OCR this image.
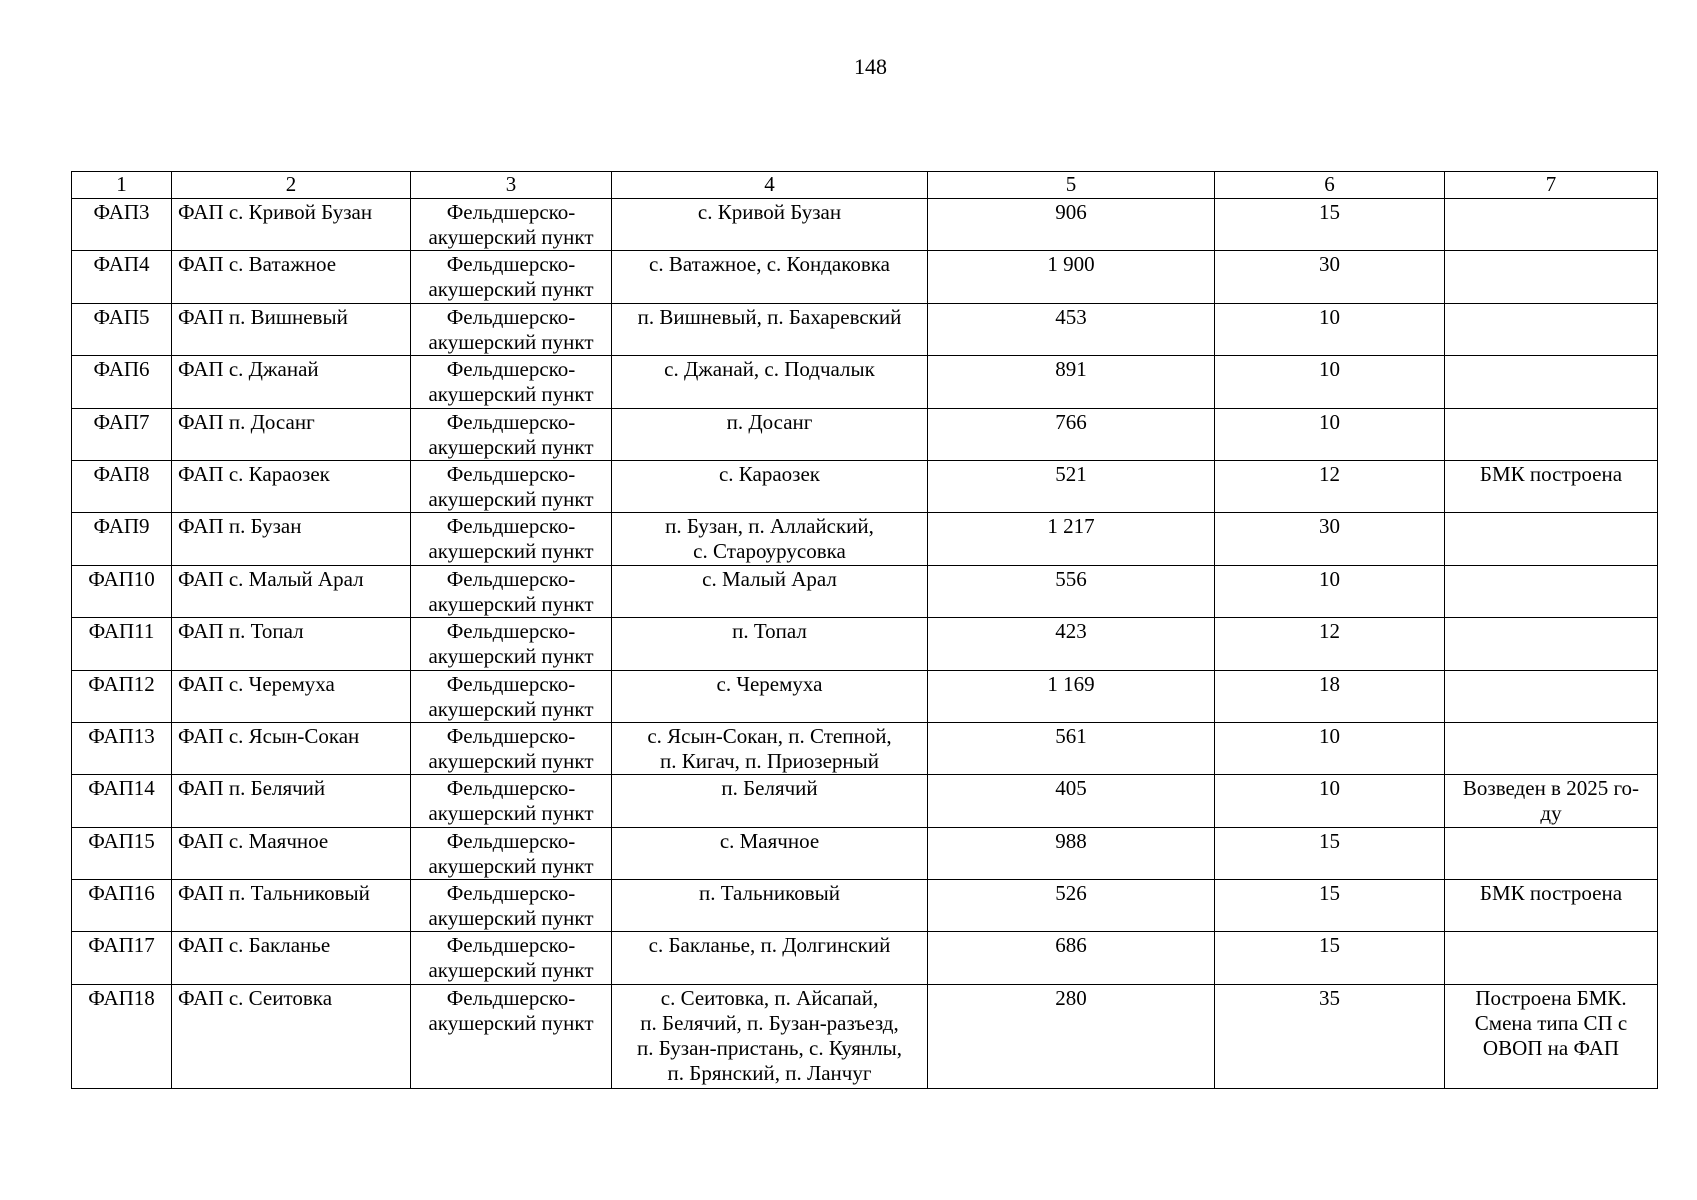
148
1	2	3	4	5	6	7

ФАП3	ФАП с. Кривой Бузан	Фельдшерско-
акушерский пункт	с. Кривой Бузан	906	15	

ФАП4	ФАП с. Ватажное	Фельдшерско-
акушерский пункт	с. Ватажное, с. Кондаковка	1 900	30	

ФАП5	ФАП п. Вишневый	Фельдшерско-
акушерский пункт	п. Вишневый, п. Бахаревский	453	10	

ФАП6	ФАП с. Джанай	Фельдшерско-
акушерский пункт	с. Джанай, с. Подчалык	891	10	

ФАП7	ФАП п. Досанг	Фельдшерско-
акушерский пункт	п. Досанг	766	10	

ФАП8	ФАП с. Караозек	Фельдшерско-
акушерский пункт	с. Караозек	521	12	БМК построена

ФАП9	ФАП п. Бузан	Фельдшерско-
акушерский пункт	п. Бузан, п. Аллайский,
с. Староурусовка	1 217	30	

ФАП10	ФАП с. Малый Арал	Фельдшерско-
акушерский пункт	с. Малый Арал	556	10	

ФАП11	ФАП п. Топал	Фельдшерско-
акушерский пункт	п. Топал	423	12	

ФАП12	ФАП с. Черемуха	Фельдшерско-
акушерский пункт	с. Черемуха	1 169	18	

ФАП13	ФАП с. Ясын-Сокан	Фельдшерско-
акушерский пункт	с. Ясын-Сокан, п. Степной,
п. Кигач, п. Приозерный	561	10	

ФАП14	ФАП п. Белячий	Фельдшерско-
акушерский пункт	п. Белячий	405	10	Возведен в 2025 го-
ду

ФАП15	ФАП с. Маячное	Фельдшерско-
акушерский пункт	с. Маячное	988	15	

ФАП16	ФАП п. Тальниковый	Фельдшерско-
акушерский пункт	п. Тальниковый	526	15	БМК построена

ФАП17	ФАП с. Бакланье	Фельдшерско-
акушерский пункт	с. Бакланье, п. Долгинский	686	15	

ФАП18	ФАП с. Сеитовка	Фельдшерско-
акушерский пункт	с. Сеитовка, п. Айсапай,
п. Белячий, п. Бузан-разъезд,
п. Бузан-пристань, с. Куянлы,
п. Брянский, п. Ланчуг	280	35	Построена БМК.
Смена типа СП с
ОВОП на ФАП
